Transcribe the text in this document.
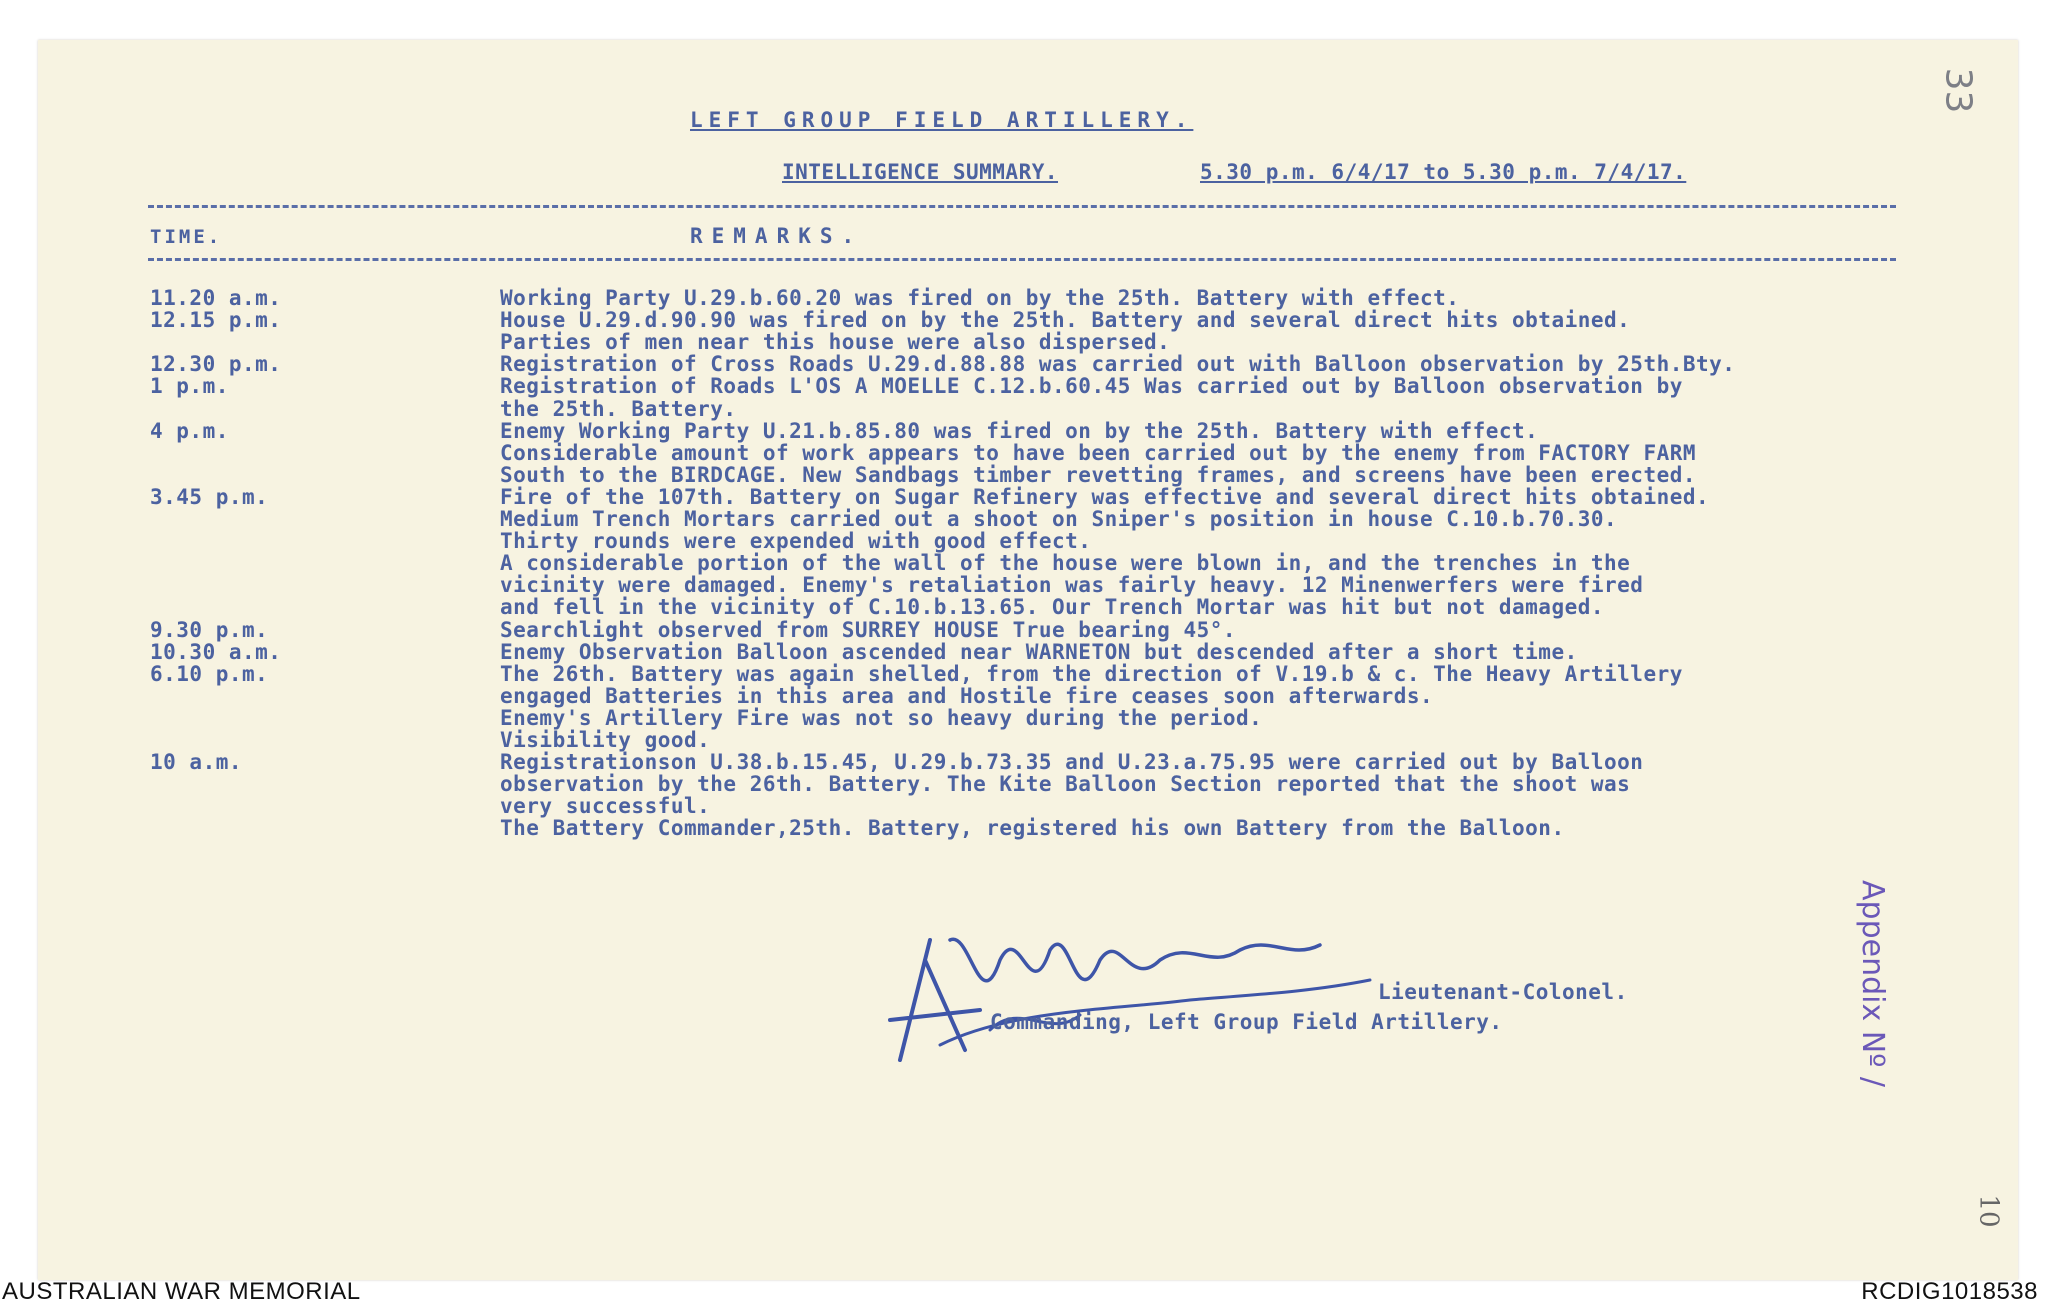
33
LEFT GROUP FIELD ARTILLERY.
INTELLIGENCE SUMMARY.	5.30 p.m. 6/4/17 to 5.30 p.m. 7/4/17.
TIME.	REMARKS.
11.20 a.m.	Working Party U.29.b.60.20 was fired on by the 25th. Battery with effect.
12.15 p.m.	House U.29.d.90.90 was fired on by the 25th. Battery and several direct hits obtained.
Parties of men near this house were also dispersed.
12.30 p.m.	Registration of Cross Roads U.29.d.88.88 was carried out with Balloon observation by 25th.Bty.
1 p.m.	Registration of Roads L'OS A MOELLE C.12.b.60.45 Was carried out by Balloon observation by
the 25th. Battery.
4 p.m.	Enemy Working Party U.21.b.85.80 was fired on by the 25th. Battery with effect.
Considerable amount of work appears to have been carried out by the enemy from FACTORY FARM
South to the BIRDCAGE. New Sandbags timber revetting frames, and screens have been erected.
3.45 p.m.	Fire of the 107th. Battery on Sugar Refinery was effective and several direct hits obtained.
Medium Trench Mortars carried out a shoot on Sniper's position in house C.10.b.70.30.
Thirty rounds were expended with good effect.
A considerable portion of the wall of the house were blown in, and the trenches in the
vicinity were damaged. Enemy's retaliation was fairly heavy. 12 Minenwerfers were fired
and fell in the vicinity of C.10.b.13.65. Our Trench Mortar was hit but not damaged.
9.30 p.m.	Searchlight observed from SURREY HOUSE True bearing 45°.
10.30 a.m.	Enemy Observation Balloon ascended near WARNETON but descended after a short time.
6.10 p.m.	The 26th. Battery was again shelled, from the direction of V.19.b & c. The Heavy Artillery
engaged Batteries in this area and Hostile fire ceases soon afterwards.
Enemy's Artillery Fire was not so heavy during the period.
Visibility good.
10 a.m.	Registrationson U.38.b.15.45, U.29.b.73.35 and U.23.a.75.95 were carried out by Balloon
observation by the 26th. Battery. The Kite Balloon Section reported that the shoot was
very successful.
The Battery Commander,25th. Battery, registered his own Battery from the Balloon.
Lieutenant-Colonel.
Commanding, Left Group Field Artillery.	Appendix Nº /
10
AUSTRALIAN WAR MEMORIAL	RCDIG1018538
